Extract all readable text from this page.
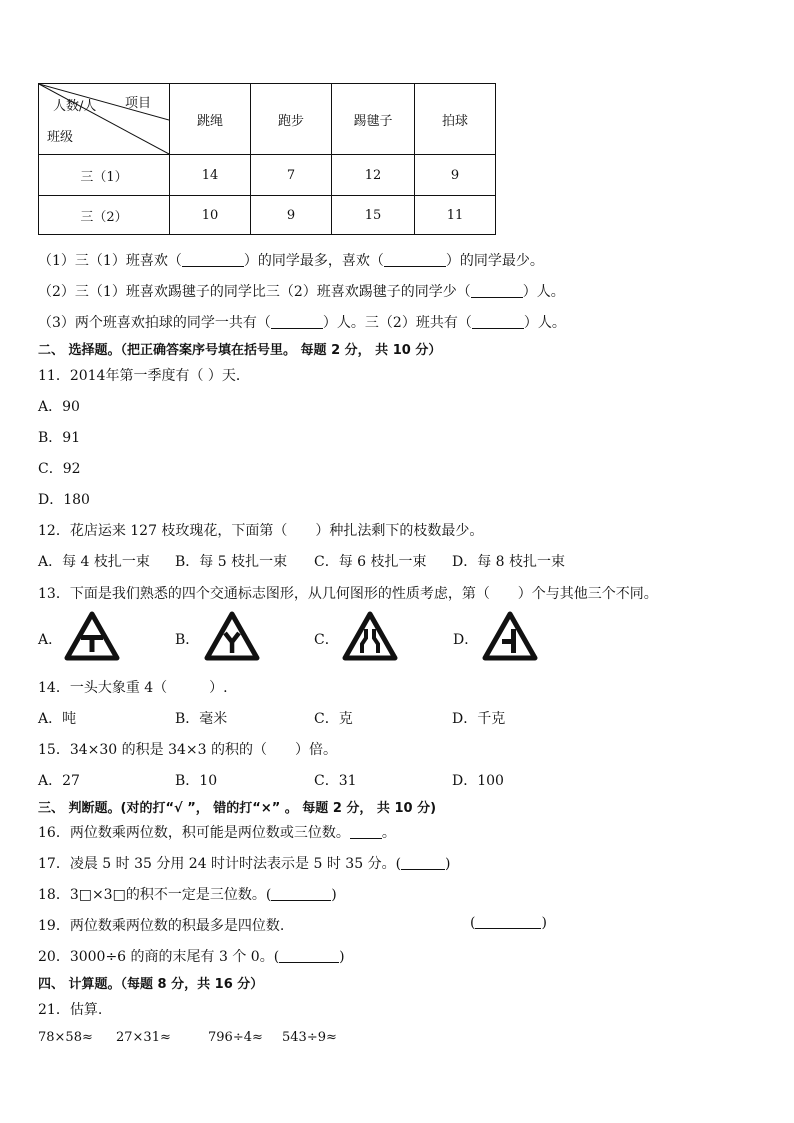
项目
人数/人
班级	跳绳	跑步	踢毽子	拍球
三（1）	14	7	12	9
三（2）	10	9	15	11
（1）三（1）班喜欢（	）的同学最多，喜欢（	）的同学最少。
（2）三（1）班喜欢踢毽子的同学比三（2）班喜欢踢毽子的同学少（	）人。
（3）两个班喜欢拍球的同学一共有（	）人。三（2）班共有（	）人。
二、 选择题。（把正确答案序号填在括号里。 每题 2 分， 共 10 分）
11．2014年第一季度有（ ）天．
A．90
B．91
C．92
D．180
12．花店运来 127 枝玫瑰花，下面第（　　）种扎法剩下的枝数最少。
A．每 4 枝扎一束 B．每 5 枝扎一束 C．每 6 枝扎一束 D．每 8 枝扎一束
13．下面是我们熟悉的四个交通标志图形，从几何图形的性质考虑，第（　　）个与其他三个不同。
A．	B．	C．	D．
14．一头大象重 4（　　　）.
A．吨	B．毫米	C．克	D．千克
15．34×30 的积是 34×3 的积的（　　）倍。
A．27	B．10	C．31	D．100
三、 判断题。(对的打“√ ”， 错的打“×” 。 每题 2 分， 共 10 分)
16．两位数乘两位数，积可能是两位数或三位数。 。
17．凌晨 5 时 35 分用 24 时计时法表示是 5 时 35 分。(	)
18．3□×3□的积不一定是三位数。(	)
19．两位数乘两位数的积最多是四位数.	(	)
20．3000÷6 的商的末尾有 3 个 0。(	)
四、 计算题。（每题 8 分，共 16 分）
21．估算.
78×58≈ 27×31≈	796÷4≈ 543÷9≈
